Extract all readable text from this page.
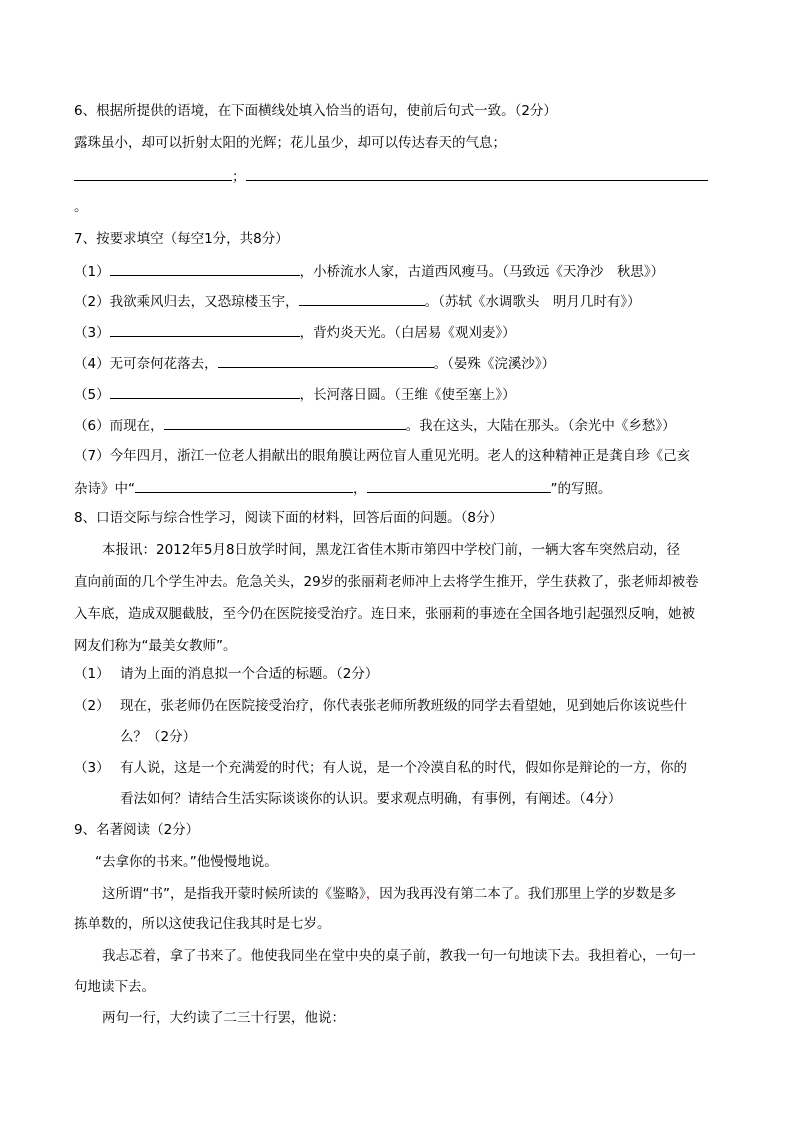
6、根据所提供的语境，在下面横线处填入恰当的语句，使前后句式一致。（2分）
露珠虽小，却可以折射太阳的光辉；花儿虽少，却可以传达春天的气息；
；
。
7、按要求填空（每空1分，共8分）
（1）	，小桥流水人家，古道西风瘦马。（马致远《天净沙　秋思》）
（2）我欲乘风归去，又恐琼楼玉宇，	。（苏轼《水调歌头　明月几时有》）
（3）	，背灼炎天光。（白居易《观刈麦》）
（4）无可奈何花落去，	。（晏殊《浣溪沙》）
（5）	，长河落日圆。（王维《使至塞上》）
（6）而现在，	。我在这头，大陆在那头。（余光中《乡愁》）
（7）今年四月，浙江一位老人捐献出的眼角膜让两位盲人重见光明。老人的这种精神正是龚自珍《己亥
杂诗》中“	，	”的写照。
8、口语交际与综合性学习，阅读下面的材料，回答后面的问题。（8分）
本报讯：2012年5月8日放学时间，黑龙江省佳木斯市第四中学校门前，一辆大客车突然启动，径
直向前面的几个学生冲去。危急关头，29岁的张丽莉老师冲上去将学生推开，学生获救了，张老师却被卷
入车底，造成双腿截肢，至今仍在医院接受治疗。连日来，张丽莉的事迹在全国各地引起强烈反响，她被
网友们称为“最美女教师”。
（1） 请为上面的消息拟一个合适的标题。（2分）
（2） 现在，张老师仍在医院接受治疗，你代表张老师所教班级的同学去看望她，见到她后你该说些什
么？（2分）
（3） 有人说，这是一个充满爱的时代；有人说，是一个冷漠自私的时代，假如你是辩论的一方，你的
看法如何？请结合生活实际谈谈你的认识。要求观点明确，有事例，有阐述。（4分）
9、名著阅读（2分）
“去拿你的书来。”他慢慢地说。
这所谓“书”，是指我开蒙时候所读的《鉴略》，因为我再没有第二本了。我们那里上学的岁数是多
拣单数的，所以这使我记住我其时是七岁。
我忐忑着，拿了书来了。他使我同坐在堂中央的桌子前，教我一句一句地读下去。我担着心，一句一
句地读下去。
两句一行，大约读了二三十行罢，他说：
